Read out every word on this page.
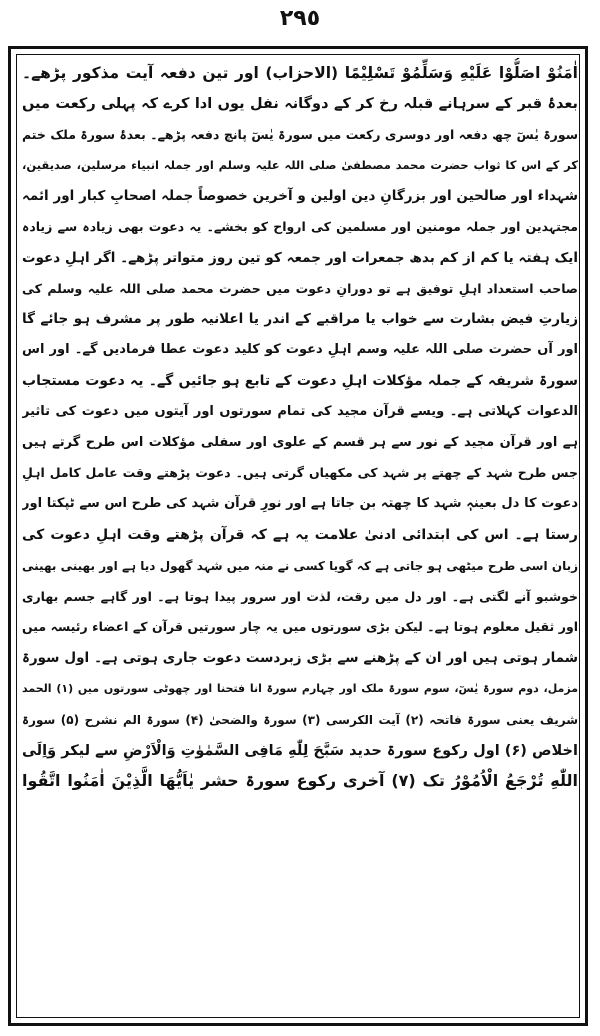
٢٩٥
اٰمَنُوْ اصَلُّوْا عَلَیْهِ وَسَلِّمُوْ تَسْلِیْمًا (الاحزاب) اور تین دفعہ آیت مذکور پڑھے۔
بعدۂ قبر کے سرہانے قبلہ رخ کر کے دوگانہ نفل یوں ادا کرے کہ پہلی رکعت میں
سورۃ یٰسٓ چھ دفعہ اور دوسری رکعت میں سورۃ یٰسٓ پانچ دفعہ پڑھے۔ بعدۂ سورۃ ملک ختم
کر کے اس کا ثواب حضرت محمد مصطفیٰ صلی اللہ علیہ وسلم اور جملہ انبیاء مرسلین، صدیقین،
شہداء اور صالحین اور بزرگانِ دین اولین و آخرین خصوصاً جملہ اصحابِ کبار اور ائمہ
مجتہدین اور جملہ مومنین اور مسلمین کی ارواح کو بخشے۔ یہ دعوت بھی زیادہ سے زیادہ
ایک ہفتہ یا کم از کم بدھ جمعرات اور جمعہ کو تین روز متواتر پڑھے۔ اگر اہلِ دعوت
صاحب استعداد اہلِ توفیق ہے تو دورانِ دعوت میں حضرت محمد صلی اللہ علیہ وسلم کی
زیارتِ فیض بشارت سے خواب یا مراقبے کے اندر یا اعلانیہ طور پر مشرف ہو جائے گا
اور آں حضرت صلی اللہ علیہ وسم اہلِ دعوت کو کلید دعوت عطا فرمادیں گے۔ اور اس
سورۃ شریفہ کے جملہ مؤکلات اہلِ دعوت کے تابع ہو جائیں گے۔ یہ دعوت مستجاب
الدعوات کہلاتی ہے۔ ویسے قرآن مجید کی تمام سورتوں اور آیتوں میں دعوت کی تاثیر
ہے اور قرآن مجید کے نور سے ہر قسم کے علوی اور سفلی مؤکلات اس طرح گرتے ہیں
جس طرح شہد کے چھتے پر شہد کی مکھیاں گرتی ہیں۔ دعوت پڑھتے وقت عامل کامل اہلِ
دعوت کا دل بعینہٖ شہد کا چھتہ بن جاتا ہے اور نورِ قرآن شہد کی طرح اس سے ٹپکتا اور
رستا ہے۔ اس کی ابتدائی ادنیٰ علامت یہ ہے کہ قرآن پڑھتے وقت اہلِ دعوت کی
زبان اسی طرح میٹھی ہو جاتی ہے کہ گویا کسی نے منہ میں شہد گھول دیا ہے اور بھینی بھینی
خوشبو آنے لگتی ہے۔ اور دل میں رقت، لذت اور سرور پیدا ہوتا ہے۔ اور گاہے جسم بھاری
اور ثقیل معلوم ہوتا ہے۔ لیکن بڑی سورتوں میں یہ چار سورتیں قرآن کے اعضاء رئیسہ میں
شمار ہوتی ہیں اور ان کے پڑھنے سے بڑی زبردست دعوت جاری ہوتی ہے۔ اول سورۃ
مزمل، دوم سورۃ یٰسٓ، سوم سورۃ ملک اور چہارم سورۃ انا فتحنا اور چھوٹی سورتوں میں (۱) الحمد
شریف یعنی سورۃ فاتحہ (۲) آیت الکرسی (۳) سورۃ والضحیٰ (۴) سورۃ الم نشرح (۵) سورۃ
اخلاص (۶) اول رکوع سورۃ حدید سَبَّحَ لِلّٰهِ مَافِی السَّمٰوٰتِ وَالْاَرْضِ سے لیکر وَاِلَی
اللّٰهِ تُرْجَعُ الْاُمُوْرُ تک (۷) آخری رکوع سورۃ حشر یٰاَیُّهَا الَّذِیْنَ اٰمَنُوا اتَّقُوا
